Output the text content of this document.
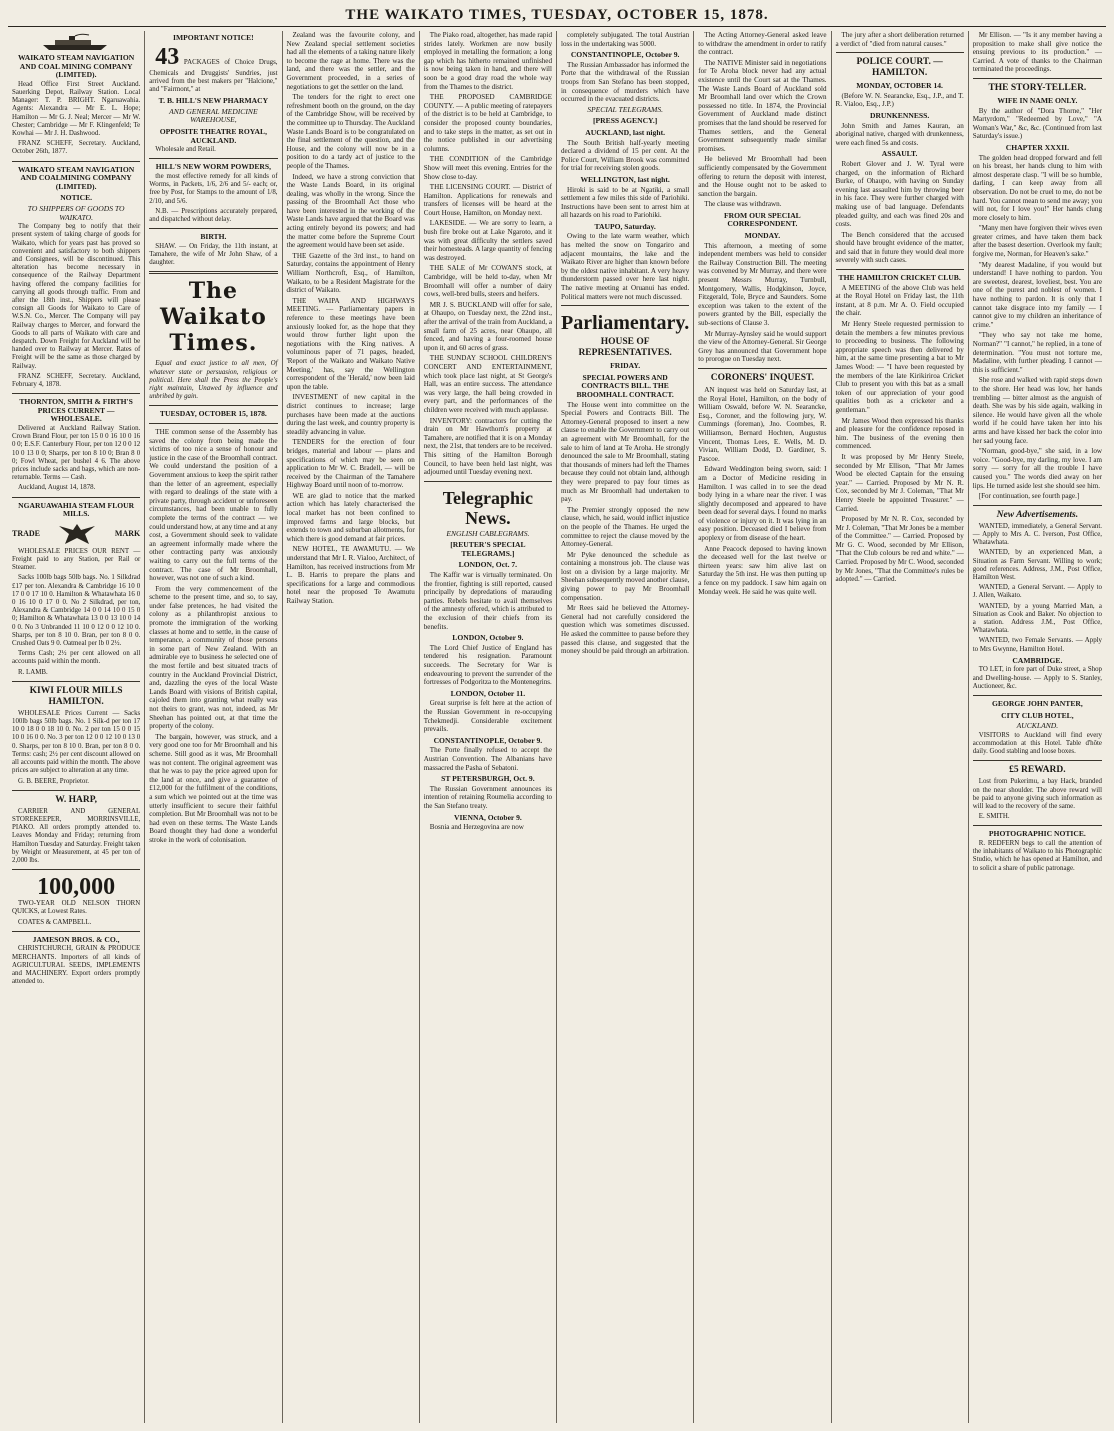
THE WAIKATO TIMES, TUESDAY, OCTOBER 15, 1878.
WAIKATO STEAM NAVIGATION AND COAL MINING COMPANY (LIMITED).

Head Office First Street Auckland. Sauerking Depot, Railway Station. Local Manager: T. P. BRIGHT. Ngaruawahia. Agents: Alexandra — Mr E. L. Hope; Hamilton — Mr G. J. Neal; Mercer — Mr W. Chester; Cambridge — Mr F. Klingenfeld; Te Kowhai — Mr J. H. Dashwood.

FRANZ SCHEFF, Secretary. Auckland, October 26th, 1877.

WAIKATO STEAM NAVIGATION AND COALMINING COMPANY (LIMITED).
NOTICE.
TO SHIPPERS OF GOODS TO WAIKATO.

The Company beg to notify that their present system of taking charge of goods for Waikato, which for years past has proved so convenient and satisfactory to both shippers and Consignees, will be discontinued. This alteration has become necessary in consequence of the Railway Department having offered the company facilities for carrying all goods through traffic. From and after the 18th inst., Shippers will please consign all Goods for Waikato to Care of W.S.N. Co., Mercer. The Company will pay Railway charges to Mercer, and forward the Goods to all parts of Waikato with care and despatch. Down Freight for Auckland will be handed over to Railway at Mercer. Rates of Freight will be the same as those charged by Railway.

FRANZ SCHEFF, Secretary. Auckland, February 4, 1878.

THORNTON, SMITH & FIRTH'S PRICES CURRENT — WHOLESALE.

Delivered at Auckland Railway Station. Crown Brand Flour, per ton 15 0 0 16 10 0 16 0 0; E.S.F. Canterbury Flour, per ton 12 0 0 12 10 0 13 0 0; Sharps, per ton 8 10 0; Bran 8 0 0; Fowl Wheat, per bushel 4 6. The above prices include sacks and bags, which are non-returnable. Terms — Cash.

Auckland, August 14, 1878.

NGARUAWAHIA STEAM FLOUR MILLS.
TRADE	MARK

WHOLESALE PRICES OUR RENT — Freight paid to any Station, per Rail or Steamer.

Sacks 100lb bags 50lb bags. No. 1 Silkdrad £17 per ton. Alexandra & Cambridge 16 10 0 17 0 0 17 10 0. Hamilton & Whatawhata 16 0 0 16 10 0 17 0 0. No 2 Silkdrad, per ton, Alexandra & Cambridge 14 0 0 14 10 0 15 0 0; Hamilton & Whatawhata 13 0 0 13 10 0 14 0 0. No 3 Unbranded 11 10 0 12 0 0 12 10 0. Sharps, per ton 8 10 0. Bran, per ton 8 0 0. Crushed Oats 9 0. Oatmeal per lb 0 2½.

Terms Cash; 2½ per cent allowed on all accounts paid within the month.

R. LAMB.

KIWI FLOUR MILLS HAMILTON.

WHOLESALE Prices Current — Sacks 100lb bags 50lb bags. No. 1 Silk-d per ton 17 10 0 18 0 0 18 10 0. No. 2 per ton 15 0 0 15 10 0 16 0 0. No. 3 per ton 12 0 0 12 10 0 13 0 0. Sharps, per ton 8 10 0. Bran, per ton 8 0 0. Terms: cash; 2½ per cent discount allowed on all accounts paid within the month. The above prices are subject to alteration at any time.

G. B. BEERE, Proprietor.

W. HARP,

CARRIER AND GENERAL STOREKEEPER, MORRINSVILLE, PIAKO. All orders promptly attended to. Leaves Monday and Friday; returning from Hamilton Tuesday and Saturday. Freight taken by Weight or Measurement, at 45 per ton of 2,000 lbs.

100,000

TWO-YEAR OLD NELSON THORN QUICKS, at Lowest Rates.

COATES & CAMPBELL.

JAMESON BROS. & CO.,

CHRISTCHURCH, GRAIN & PRODUCE MERCHANTS. Importers of all kinds of AGRICULTURAL SEEDS, IMPLEMENTS and MACHINERY. Export orders promptly attended to.

IMPORTANT NOTICE!

43 PACKAGES of Choice Drugs, Chemicals and Druggists' Sundries, just arrived from the best makers per "Halcione," and "Fairmont," at

T. B. HILL'S NEW PHARMACY
AND GENERAL MEDICINE WAREHOUSE,
OPPOSITE THEATRE ROYAL, AUCKLAND.

Wholesale and Retail.

HILL'S NEW WORM POWDERS,

the most effective remedy for all kinds of Worms, in Packets, 1/6, 2/6 and 5/- each; or, free by Post, for Stamps to the amount of 1/8, 2/10, and 5/6.

N.B. — Prescriptions accurately prepared, and dispatched without delay.

BIRTH.

SHAW. — On Friday, the 11th instant, at Tamahere, the wife of Mr John Shaw, of a daughter.

The Waikato Times.

Equal and exact justice to all men, Of whatever state or persuasion, religious or political. Here shall the Press the People's right maintain, Unawed by influence and unbribed by gain.

TUESDAY, OCTOBER 15, 1878.

THE common sense of the Assembly has saved the colony from being made the victims of too nice a sense of honour and justice in the case of the Broomhall contract. We could understand the position of a Government anxious to keep the spirit rather than the letter of an agreement, especially with regard to dealings of the state with a private party, through accident or unforeseen circumstances, had been unable to fully complete the terms of the contract — we could understand how, at any time and at any cost, a Government should seek to validate an agreement informally made where the other contracting party was anxiously waiting to carry out the full terms of the contract. The case of Mr Broomhall, however, was not one of such a kind.

From the very commencement of the scheme to the present time, and so, to say, under false pretences, he had visited the colony as a philanthropist anxious to promote the immigration of the working classes at home and to settle, in the cause of temperance, a community of those persons in some part of New Zealand. With an admirable eye to business he selected one of the most fertile and best situated tracts of country in the Auckland Provincial District, and, dazzling the eyes of the local Waste Lands Board with visions of British capital, cajoled them into granting what really was not theirs to grant, was not, indeed, as Mr Sheehan has pointed out, at that time the property of the colony.

The bargain, however, was struck, and a very good one too for Mr Broomhall and his scheme. Still good as it was, Mr Broomhall was not content. The original agreement was that he was to pay the price agreed upon for the land at once, and give a guarantee of £12,000 for the fulfilment of the conditions, a sum which we pointed out at the time was utterly insufficient to secure their faithful completion. But Mr Broomhall was not to be had even on these terms. The Waste Lands Board thought they had done a wonderful stroke in the work of colonisation.

Zealand was the favourite colony, and New Zealand special settlement societies had all the elements of a taking nature likely to become the rage at home. There was the land, and there was the settler, and the Government proceeded, in a series of negotiations to get the settler on the land.

The tenders for the right to erect one refreshment booth on the ground, on the day of the Cambridge Show, will be received by the committee up to Thursday. The Auckland Waste Lands Board is to be congratulated on the final settlement of the question, and the House, and the colony will now be in a position to do a tardy act of justice to the people of the Thames.

Indeed, we have a strong conviction that the Waste Lands Board, in its original dealing, was wholly in the wrong. Since the passing of the Broomhall Act those who have been interested in the working of the Waste Lands have argued that the Board was acting entirely beyond its powers; and had the matter come before the Supreme Court the agreement would have been set aside.

THE Gazette of the 3rd inst., to hand on Saturday, contains the appointment of Henry William Northcroft, Esq., of Hamilton, Waikato, to be a Resident Magistrate for the district of Waikato.

THE WAIPA AND HIGHWAYS MEETING. — Parliamentary papers in reference to these meetings have been anxiously looked for, as the hope that they would throw further light upon the negotiations with the King natives. A voluminous paper of 71 pages, headed, 'Report of the Waikato and Waikato Native Meeting,' has, say the Wellington correspondent of the 'Herald,' now been laid upon the table.

INVESTMENT of new capital in the district continues to increase; large purchases have been made at the auctions during the last week, and country property is steadily advancing in value.

TENDERS for the erection of four bridges, material and labour — plans and specifications of which may be seen on application to Mr W. C. Bradell, — will be received by the Chairman of the Tamahere Highway Board until noon of to-morrow.

WE are glad to notice that the marked action which has lately characterised the local market has not been confined to improved farms and large blocks, but extends to town and suburban allotments, for which there is good demand at fair prices.

NEW HOTEL, TE AWAMUTU. — We understand that Mr I. R. Vialoo, Architect, of Hamilton, has received instructions from Mr L. B. Harris to prepare the plans and specifications for a large and commodious hotel near the proposed Te Awamutu Railway Station.

The Piako road, altogether, has made rapid strides lately. Workmen are now busily employed in metalling the formation; a long gap which has hitherto remained unfinished is now being taken in hand, and there will soon be a good dray road the whole way from the Thames to the district.

THE PROPOSED CAMBRIDGE COUNTY. — A public meeting of ratepayers of the district is to be held at Cambridge, to consider the proposed county boundaries, and to take steps in the matter, as set out in the notice published in our advertising columns.

THE CONDITION of the Cambridge Show will meet this evening. Entries for the Show close to-day.

THE LICENSING COURT. — District of Hamilton. Applications for renewals and transfers of licenses will be heard at the Court House, Hamilton, on Monday next.

LAKESIDE. — We are sorry to learn, a bush fire broke out at Lake Ngaroto, and it was with great difficulty the settlers saved their homesteads. A large quantity of fencing was destroyed.

THE SALE of Mr COWAN'S stock, at Cambridge, will be held to-day, when Mr Broomhall will offer a number of dairy cows, well-bred bulls, steers and heifers.

MR J. S. BUCKLAND will offer for sale, at Ohaupo, on Tuesday next, the 22nd inst., after the arrival of the train from Auckland, a small farm of 25 acres, near Ohaupo, all fenced, and having a four-roomed house upon it, and 60 acres of grass.

THE SUNDAY SCHOOL CHILDREN'S CONCERT AND ENTERTAINMENT, which took place last night, at St George's Hall, was an entire success. The attendance was very large, the hall being crowded in every part, and the performances of the children were received with much applause.

INVENTORY: contractors for cutting the drain on Mr Hawthorn's property at Tamahere, are notified that it is on a Monday next, the 21st, that tenders are to be received. This sitting of the Hamilton Borough Council, to have been held last night, was adjourned until Tuesday evening next.

Telegraphic News.
ENGLISH CABLEGRAMS.
[REUTER'S SPECIAL TELEGRAMS.]
LONDON, Oct. 7.

The Kaffir war is virtually terminated. On the frontier, fighting is still reported, caused principally by depredations of marauding parties. Rebels hesitate to avail themselves of the amnesty offered, which is attributed to the exclusion of their chiefs from its benefits.

LONDON, October 9.

The Lord Chief Justice of England has tendered his resignation. Paramount succeeds. The Secretary for War is endeavouring to prevent the surrender of the fortresses of Podgoritza to the Montenegrins.

LONDON, October 11.

Great surprise is felt here at the action of the Russian Government in re-occupying Tchekmedji. Considerable excitement prevails.

CONSTANTINOPLE, October 9.

The Porte finally refused to accept the Austrian Convention. The Albanians have massacred the Pasha of Sebatoni.

ST PETERSBURGH, Oct. 9.

The Russian Government announces its intention of retaining Roumelia according to the San Stefano treaty.

VIENNA, October 9.

Bosnia and Herzegovina are now

completely subjugated. The total Austrian loss in the undertaking was 5000.

CONSTANTINOPLE, October 9.

The Russian Ambassador has informed the Porte that the withdrawal of the Russian troops from San Stefano has been stopped, in consequence of murders which have occurred in the evacuated districts.

SPECIAL TELEGRAMS.
[PRESS AGENCY.]
AUCKLAND, last night.

The South British half-yearly meeting declared a dividend of 15 per cent. At the Police Court, William Brook was committed for trial for receiving stolen goods.

WELLINGTON, last night.

Hiroki is said to be at Ngatiki, a small settlement a few miles this side of Pariohiki. Instructions have been sent to arrest him at all hazards on his road to Pariohiki.

TAUPO, Saturday.

Owing to the late warm weather, which has melted the snow on Tongariro and adjacent mountains, the lake and the Waikato River are higher than known before by the oldest native inhabitant. A very heavy thunderstorm passed over here last night. The native meeting at Oruanui has ended. Political matters were not much discussed.

Parliamentary.
HOUSE OF REPRESENTATIVES.
FRIDAY.
SPECIAL POWERS AND CONTRACTS BILL. THE BROOMHALL CONTRACT.

The House went into committee on the Special Powers and Contracts Bill. The Attorney-General proposed to insert a new clause to enable the Government to carry out an agreement with Mr Broomhall, for the sale to him of land at Te Aroha. He strongly denounced the sale to Mr Broomhall, stating that thousands of miners had left the Thames because they could not obtain land, although they were prepared to pay four times as much as Mr Broomhall had undertaken to pay.

The Premier strongly opposed the new clause, which, he said, would inflict injustice on the people of the Thames. He urged the committee to reject the clause moved by the Attorney-General.

Mr Pyke denounced the schedule as containing a monstrous job. The clause was lost on a division by a large majority. Mr Sheehan subsequently moved another clause, giving power to pay Mr Broomhall compensation.

Mr Rees said he believed the Attorney-General had not carefully considered the question which was sometimes discussed. He asked the committee to pause before they passed this clause, and suggested that the money should be paid through an arbitration.

The Acting Attorney-General asked leave to withdraw the amendment in order to ratify the contract.

The NATIVE Minister said in negotiations for Te Aroha block never had any actual existence until the Court sat at the Thames. The Waste Lands Board of Auckland sold Mr Broomhall land over which the Crown possessed no title. In 1874, the Provincial Government of Auckland made distinct promises that the land should be reserved for Thames settlers, and the General Government subsequently made similar promises.

He believed Mr Broomhall had been sufficiently compensated by the Government offering to return the deposit with interest, and the House ought not to be asked to sanction the bargain.

The clause was withdrawn.

FROM OUR SPECIAL CORRESPONDENT.
MONDAY.

This afternoon, a meeting of some independent members was held to consider the Railway Construction Bill. The meeting was convened by Mr Murray, and there were present Messrs Murray, Turnbull, Montgomery, Wallis, Hodgkinson, Joyce, Fitzgerald, Tole, Bryce and Saunders. Some exception was taken to the extent of the powers granted by the Bill, especially the sub-sections of Clause 3.

Mr Murray-Aynsley said he would support the view of the Attorney-General. Sir George Grey has announced that Government hope to prorogue on Tuesday next.

CORONERS' INQUEST.

AN inquest was held on Saturday last, at the Royal Hotel, Hamilton, on the body of William Oswald, before W. N. Searancke, Esq., Coroner, and the following jury, W. Cummings (foreman), Jno. Coombes, R. Williamson, Bernard Hochten, Augustus Vincent, Thomas Lees, E. Wells, M. D. Vivian, William Dodd, D. Gardiner, S. Pascoe.

Edward Weddington being sworn, said: I am a Doctor of Medicine residing in Hamilton. I was called in to see the dead body lying in a whare near the river. I was slightly decomposed and appeared to have been dead for several days. I found no marks of violence or injury on it. It was lying in an easy position. Deceased died I believe from apoplexy or from disease of the heart.

Anne Peacock deposed to having known the deceased well for the last twelve or thirteen years: saw him alive last on Saturday the 5th inst. He was then putting up a fence on my paddock. I saw him again on Monday week. He said he was quite well.

The jury after a short deliberation returned a verdict of "died from natural causes."

POLICE COURT. — HAMILTON.
MONDAY, OCTOBER 14.

(Before W. N. Searancke, Esq., J.P., and T. R. Vialoo, Esq., J.P.)

DRUNKENNESS.

John Smith and James Kauran, an aboriginal native, charged with drunkenness, were each fined 5s and costs.

ASSAULT.

Robert Glover and J. W. Tyral were charged, on the information of Richard Burke, of Ohaupo, with having on Sunday evening last assaulted him by throwing beer in his face. They were further charged with making use of bad language. Defendants pleaded guilty, and each was fined 20s and costs.

The Bench considered that the accused should have brought evidence of the matter, and said that in future they would deal more severely with such cases.

THE HAMILTON CRICKET CLUB.

A MEETING of the above Club was held at the Royal Hotel on Friday last, the 11th instant, at 8 p.m. Mr A. O. Field occupied the chair.

Mr Henry Steele requested permission to detain the members a few minutes previous to proceeding to business. The following appropriate speech was then delivered by him, at the same time presenting a bat to Mr James Wood: — "I have been requested by the members of the late Kirikiriroa Cricket Club to present you with this bat as a small token of our appreciation of your good qualities both as a cricketer and a gentleman."

Mr James Wood then expressed his thanks and pleasure for the confidence reposed in him. The business of the evening then commenced.

It was proposed by Mr Henry Steele, seconded by Mr Ellison, "That Mr James Wood be elected Captain for the ensuing year." — Carried. Proposed by Mr N. R. Cox, seconded by Mr J. Coleman, "That Mr Henry Steele be appointed Treasurer." — Carried.

Proposed by Mr N. R. Cox, seconded by Mr J. Coleman, "That Mr Jones be a member of the Committee." — Carried. Proposed by Mr G. C. Wood, seconded by Mr Ellison, "That the Club colours be red and white." — Carried. Proposed by Mr C. Wood, seconded by Mr Jones, "That the Committee's rules be adopted." — Carried.

Mr Ellison. — "Is it any member having a proposition to make shall give notice the ensuing previous to its production." — Carried. A vote of thanks to the Chairman terminated the proceedings.

THE STORY-TELLER.
WIFE IN NAME ONLY.

By the author of "Dora Thorne," "Her Martyrdom," "Redeemed by Love," "A Woman's War," &c, &c. (Continued from last Saturday's issue.)

CHAPTER XXXII.

The golden head dropped forward and fell on his breast, her hands clung to him with almost desperate clasp. "I will be so humble, darling, I can keep away from all observation. Do not be cruel to me, do not be hard. You cannot mean to send me away; you will not, for I love you!" Her hands clung more closely to him.

"Many men have forgiven their wives even greater crimes, and have taken them back after the basest desertion. Overlook my fault; forgive me, Norman, for Heaven's sake."

"My dearest Madaline, if you would but understand! I have nothing to pardon. You are sweetest, dearest, loveliest, best. You are one of the purest and noblest of women. I have nothing to pardon. It is only that I cannot take disgrace into my family — I cannot give to my children an inheritance of crime."

"They who say not take me home, Norman?" "I cannot," he replied, in a tone of determination. "You must not torture me, Madaline, with further pleading. I cannot — this is sufficient."

She rose and walked with rapid steps down to the shore. Her head was low, her hands trembling — bitter almost as the anguish of death. She was by his side again, walking in silence. He would have given all the whole world if he could have taken her into his arms and have kissed her back the color into her sad young face.

"Norman, good-bye," she said, in a low voice. "Good-bye, my darling, my love. I am sorry — sorry for all the trouble I have caused you." The words died away on her lips. He turned aside lest she should see him.

[For continuation, see fourth page.]

New Advertisements.

WANTED, immediately, a General Servant. — Apply to Mrs A. C. Iverson, Post Office, Whatawhata.

WANTED, by an experienced Man, a Situation as Farm Servant. Willing to work; good references. Address, J.M., Post Office, Hamilton West.

WANTED, a General Servant. — Apply to J. Allen, Waikato.

WANTED, by a young Married Man, a Situation as Cook and Baker. No objection to a station. Address J.M., Post Office, Whatawhata.

WANTED, two Female Servants. — Apply to Mrs Gwynne, Hamilton Hotel.

CAMBRIDGE.

TO LET, in fore part of Duke street, a Shop and Dwelling-house. — Apply to S. Stanley, Auctioneer, &c.

GEORGE JOHN PANTER,
CITY CLUB HOTEL,
AUCKLAND.

VISITORS to Auckland will find every accommodation at this Hotel. Table d'hôte daily. Good stabling and loose boxes.

£5 REWARD.

Lost from Pukerimu, a bay Hack, branded on the near shoulder. The above reward will be paid to anyone giving such information as will lead to the recovery of the same.

E. SMITH.

PHOTOGRAPHIC NOTICE.

R. REDFERN begs to call the attention of the inhabitants of Waikato to his Photographic Studio, which he has opened at Hamilton, and to solicit a share of public patronage.
